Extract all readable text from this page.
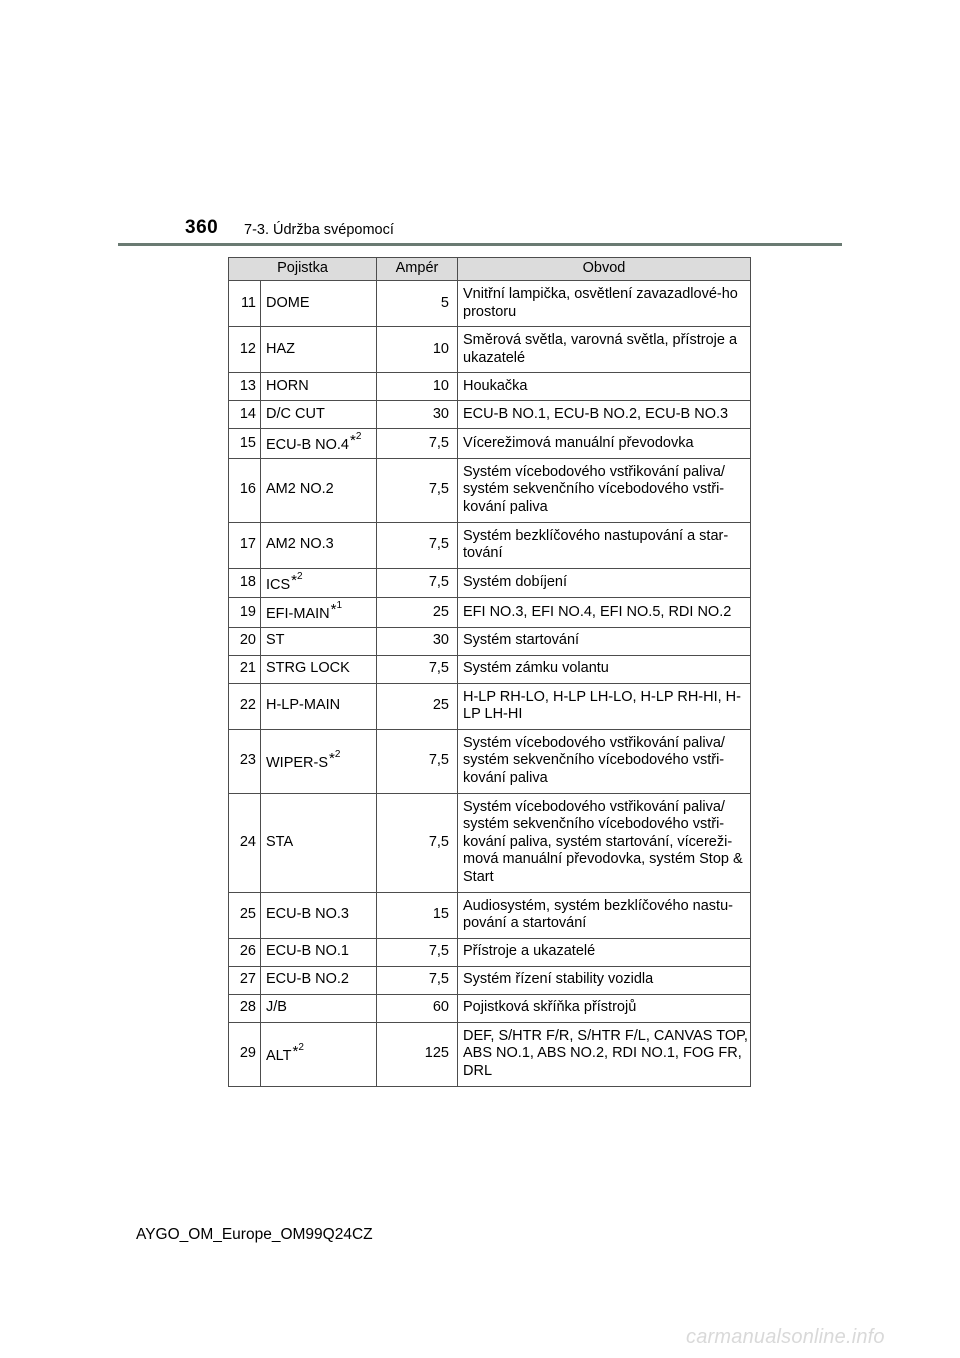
360 7-3. Údržba svépomocí
Pojistka		Ampér	Obvod
11	DOME	5	Vnitřní lampička, osvětlení zavazadlové-ho prostoru
12	HAZ	10	Směrová světla, varovná světla, přístroje a ukazatelé
13	HORN	10	Houkačka
14	D/C CUT	30	ECU-B NO.1, ECU-B NO.2, ECU-B NO.3
15	ECU-B NO.4*$^2$	7,5	Vícerežimová manuální převodovka
16	AM2 NO.2	7,5	Systém vícebodového vstřikování paliva/ systém sekvenčního vícebodového vstři-kování paliva
17	AM2 NO.3	7,5	Systém bezklíčového nastupování a star-tování
18	ICS*$^2$	7,5	Systém dobíjení
19	EFI-MAIN*$^1$	25	EFI NO.3, EFI NO.4, EFI NO.5, RDI NO.2
20	ST	30	Systém startování
21	STRG LOCK	7,5	Systém zámku volantu
22	H-LP-MAIN	25	H-LP RH-LO, H-LP LH-LO, H-LP RH-HI, H-LP LH-HI
23	WIPER-S*$^2$	7,5	Systém vícebodového vstřikování paliva/ systém sekvenčního vícebodového vstři-kování paliva
24	STA	7,5	Systém vícebodového vstřikování paliva/ systém sekvenčního vícebodového vstři-kování paliva, systém startování, vícereži-mová manuální převodovka, systém Stop & Start
25	ECU-B NO.3	15	Audiosystém, systém bezklíčového nastu-pování a startování
26	ECU-B NO.1	7,5	Přístroje a ukazatelé
27	ECU-B NO.2	7,5	Systém řízení stability vozidla
28	J/B	60	Pojistková skříňka přístrojů
29	ALT*$^2$	125	DEF, S/HTR F/R, S/HTR F/L, CANVAS TOP, ABS NO.1, ABS NO.2, RDI NO.1, FOG FR, DRL
AYGO_OM_Europe_OM99Q24CZ
carmanualsonline.info
